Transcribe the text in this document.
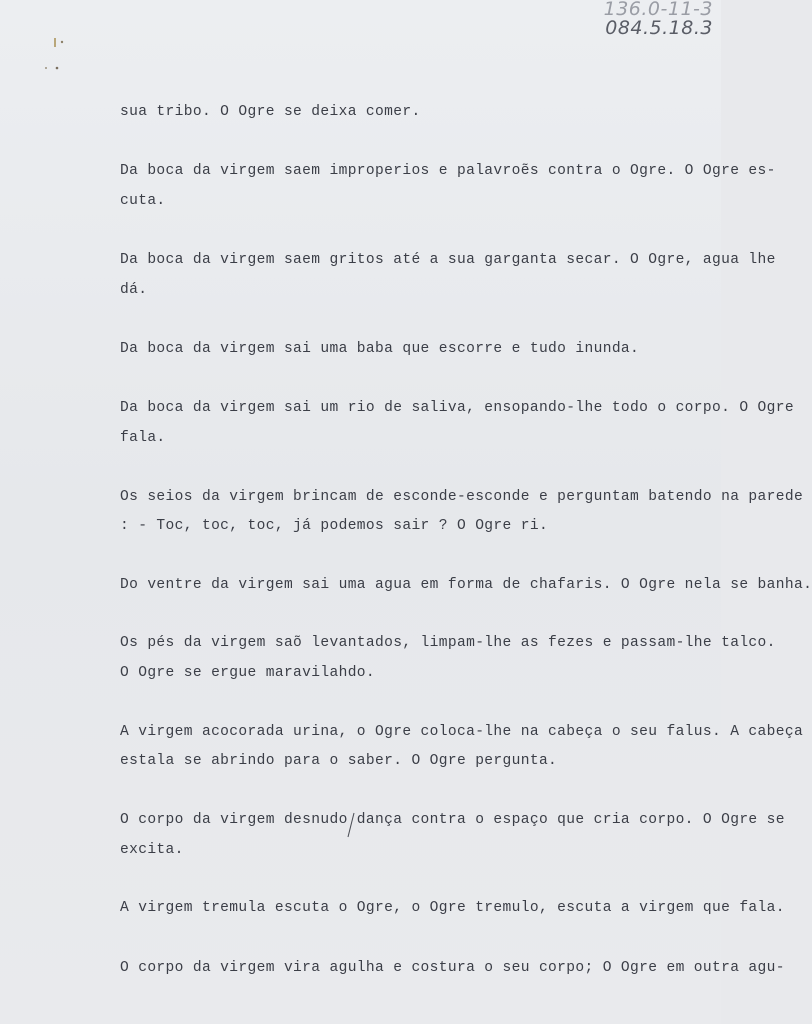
136.0-11-3
084.5.18.3
sua tribo. O Ogre se deixa comer.
Da boca da virgem saem improperios e palavroẽs contra o Ogre. O Ogre es-
cuta.
Da boca da virgem saem gritos até a sua garganta secar. O Ogre, agua lhe
dá.
Da boca da virgem sai uma baba que escorre e tudo inunda.
Da boca da virgem sai um rio de saliva, ensopando-lhe todo o corpo. O Ogre
fala.
Os seios da virgem brincam de esconde-esconde e perguntam batendo na parede
: - Toc, toc, toc, já podemos sair ? O Ogre ri.
Do ventre da virgem sai uma agua em forma de chafaris. O Ogre nela se banha.
Os pés da virgem saõ levantados, limpam-lhe as fezes e passam-lhe talco.
O Ogre se ergue maravilahdo.
A virgem acocorada urina, o Ogre coloca-lhe na cabeça o seu falus. A cabeça
estala se abrindo para o saber. O Ogre pergunta.
O corpo da virgem desnudo dança contra o espaço que cria corpo. O Ogre se
excita.
A virgem tremula escuta o Ogre, o Ogre tremulo, escuta a virgem que fala.
O corpo da virgem vira agulha e costura o seu corpo; O Ogre em outra agu-
